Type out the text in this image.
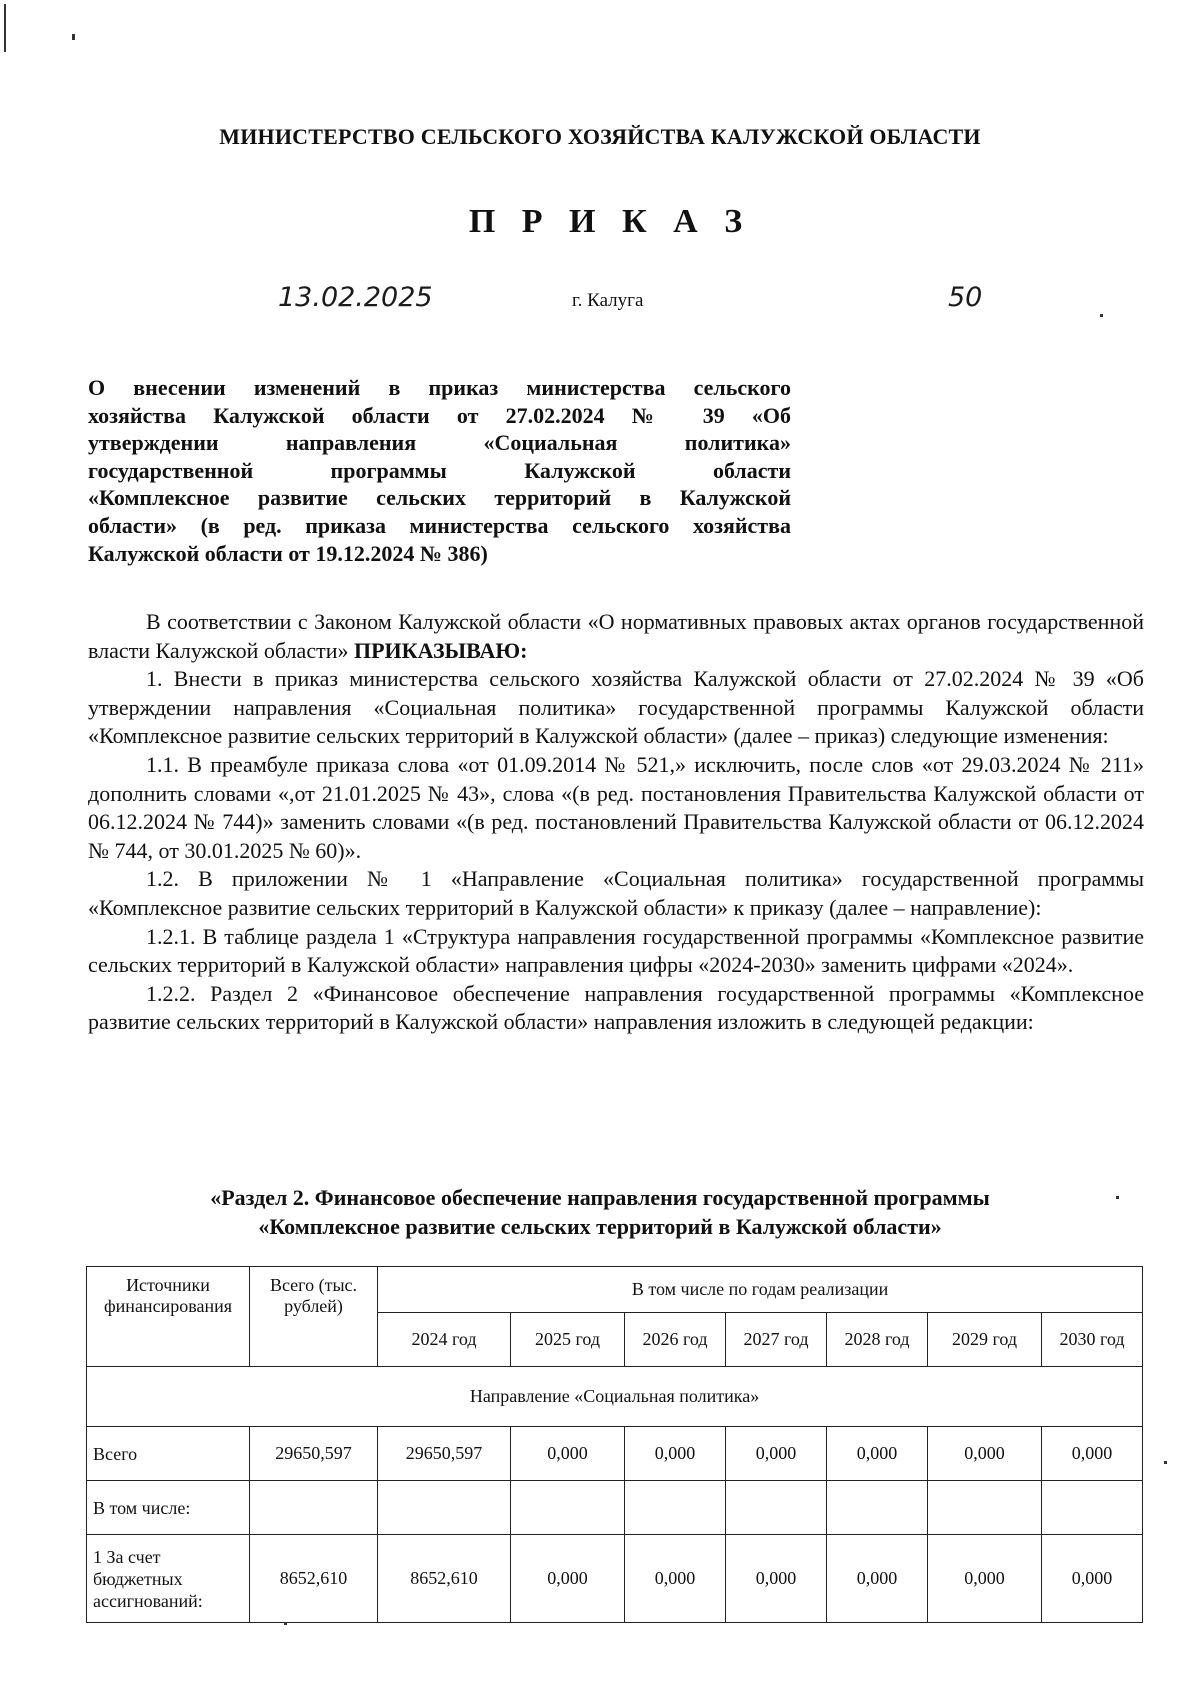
МИНИСТЕРСТВО СЕЛЬСКОГО ХОЗЯЙСТВА КАЛУЖСКОЙ ОБЛАСТИ
П Р И К А З
13.02.2025	г. Калуга	50
О внесении изменений в приказ министерства сельского
хозяйства Калужской области от 27.02.2024 № 39 «Об
утверждении направления «Социальная политика»
государственной программы Калужской области
«Комплексное развитие сельских территорий в Калужской
области» (в ред. приказа министерства сельского хозяйства
Калужской области от 19.12.2024 № 386)

В соответствии с Законом Калужской области «О нормативных правовых актах органов государственной власти Калужской области» ПРИКАЗЫВАЮ:

1. Внести в приказ министерства сельского хозяйства Калужской области от 27.02.2024 № 39 «Об утверждении направления «Социальная политика» государственной программы Калужской области «Комплексное развитие сельских территорий в Калужской области» (далее – приказ) следующие изменения:

1.1. В преамбуле приказа слова «от 01.09.2014 № 521,» исключить, после слов «от 29.03.2024 № 211» дополнить словами «,от 21.01.2025 № 43», слова «(в ред. постановления Правительства Калужской области от 06.12.2024 № 744)» заменить словами «(в ред. постановлений Правительства Калужской области от 06.12.2024 № 744, от 30.01.2025 № 60)».

1.2. В приложении № 1 «Направление «Социальная политика» государственной программы «Комплексное развитие сельских территорий в Калужской области» к приказу (далее – направление):

1.2.1. В таблице раздела 1 «Структура направления государственной программы «Комплексное развитие сельских территорий в Калужской области» направления цифры «2024-2030» заменить цифрами «2024».

1.2.2. Раздел 2 «Финансовое обеспечение направления государственной программы «Комплексное развитие сельских территорий в Калужской области» направления изложить в следующей редакции:

«Раздел 2. Финансовое обеспечение направления государственной программы
«Комплексное развитие сельских территорий в Калужской области»
Источники финансирования	Всего (тыс. рублей)	В том числе по годам реализации						
		2024 год	2025 год	2026 год	2027 год	2028 год	2029 год	2030 год
Направление «Социальная политика»								
Всего	29650,597	29650,597	0,000	0,000	0,000	0,000	0,000	0,000
В том числе:								
1 За счет бюджетных ассигнований:	8652,610	8652,610	0,000	0,000	0,000	0,000	0,000	0,000
